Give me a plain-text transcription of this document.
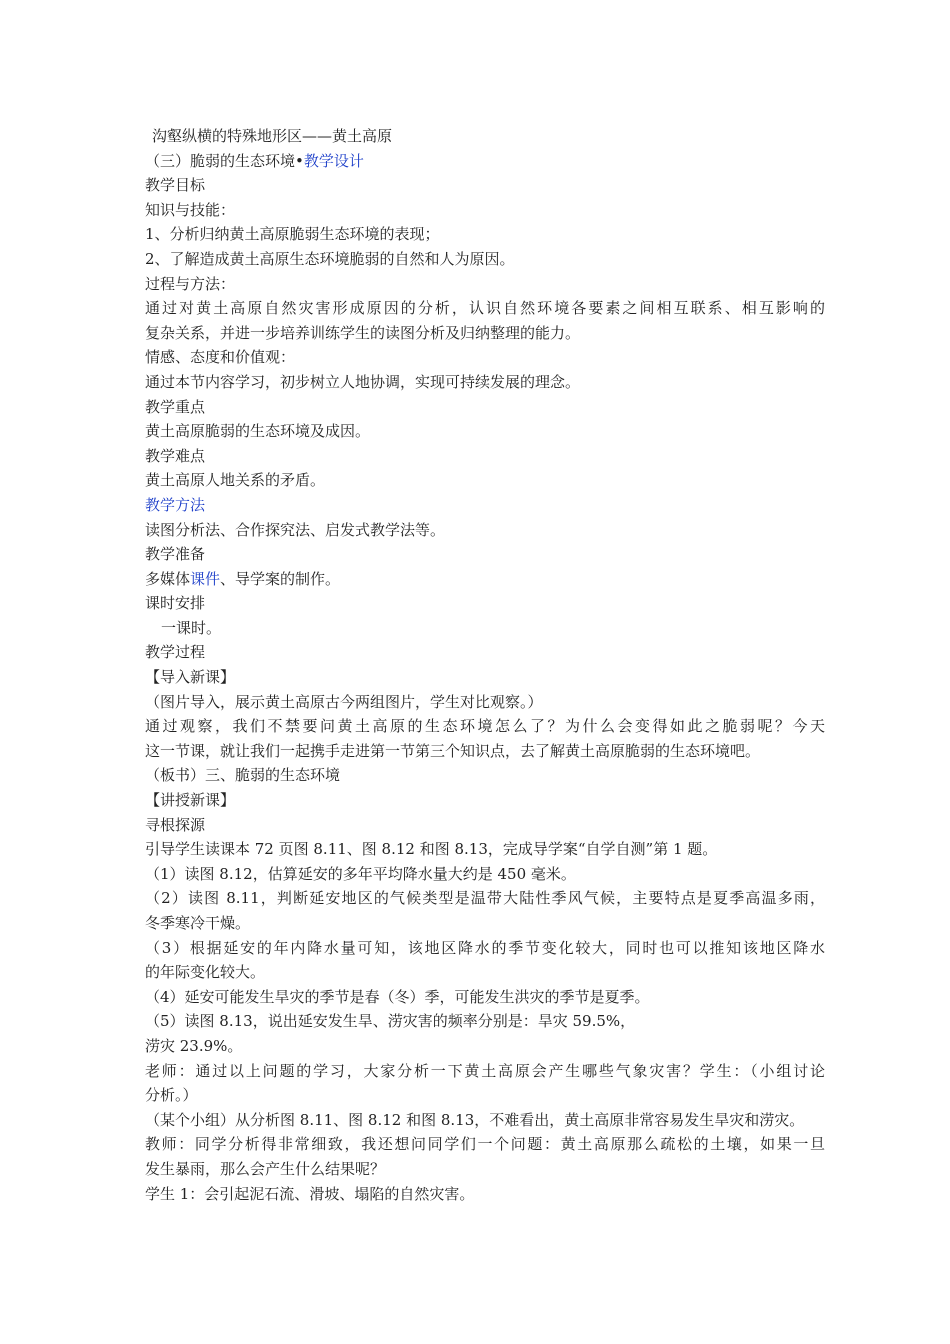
沟壑纵横的特殊地形区——黄土高原

（三）脆弱的生态环境•教学设计

教学目标

知识与技能：

1、分析归纳黄土高原脆弱生态环境的表现；

2、了解造成黄土高原生态环境脆弱的自然和人为原因。

过程与方法：

通过对黄土高原自然灾害形成原因的分析，认识自然环境各要素之间相互联系、相互影响的

复杂关系，并进一步培养训练学生的读图分析及归纳整理的能力。

情感、态度和价值观：

通过本节内容学习，初步树立人地协调，实现可持续发展的理念。

教学重点

黄土高原脆弱的生态环境及成因。

教学难点

黄土高原人地关系的矛盾。

教学方法

读图分析法、合作探究法、启发式教学法等。

教学准备

多媒体课件、导学案的制作。

课时安排

一课时。

教学过程

【导入新课】

（图片导入，展示黄土高原古今两组图片，学生对比观察。）

通过观察，我们不禁要问黄土高原的生态环境怎么了？为什么会变得如此之脆弱呢？今天

这一节课，就让我们一起携手走进第一节第三个知识点，去了解黄土高原脆弱的生态环境吧。

（板书）三、脆弱的生态环境

【讲授新课】

寻根探源

引导学生读课本 72 页图 8.11、图 8.12 和图 8.13，完成导学案“自学自测”第 1 题。

（1）读图 8.12，估算延安的多年平均降水量大约是 450 毫米。

（2）读图 8.11，判断延安地区的气候类型是温带大陆性季风气候，主要特点是夏季高温多雨，

冬季寒冷干燥。

（3）根据延安的年内降水量可知，该地区降水的季节变化较大，同时也可以推知该地区降水

的年际变化较大。

（4）延安可能发生旱灾的季节是春（冬）季，可能发生洪灾的季节是夏季。

（5）读图 8.13，说出延安发生旱、涝灾害的频率分别是：旱灾 59.5%，

涝灾 23.9%。

老师：通过以上问题的学习，大家分析一下黄土高原会产生哪些气象灾害？学生：（小组讨论

分析。）

（某个小组）从分析图 8.11、图 8.12 和图 8.13，不难看出，黄土高原非常容易发生旱灾和涝灾。

教师：同学分析得非常细致，我还想问同学们一个问题：黄土高原那么疏松的土壤，如果一旦

发生暴雨，那么会产生什么结果呢？

学生 1：会引起泥石流、滑坡、塌陷的自然灾害。
